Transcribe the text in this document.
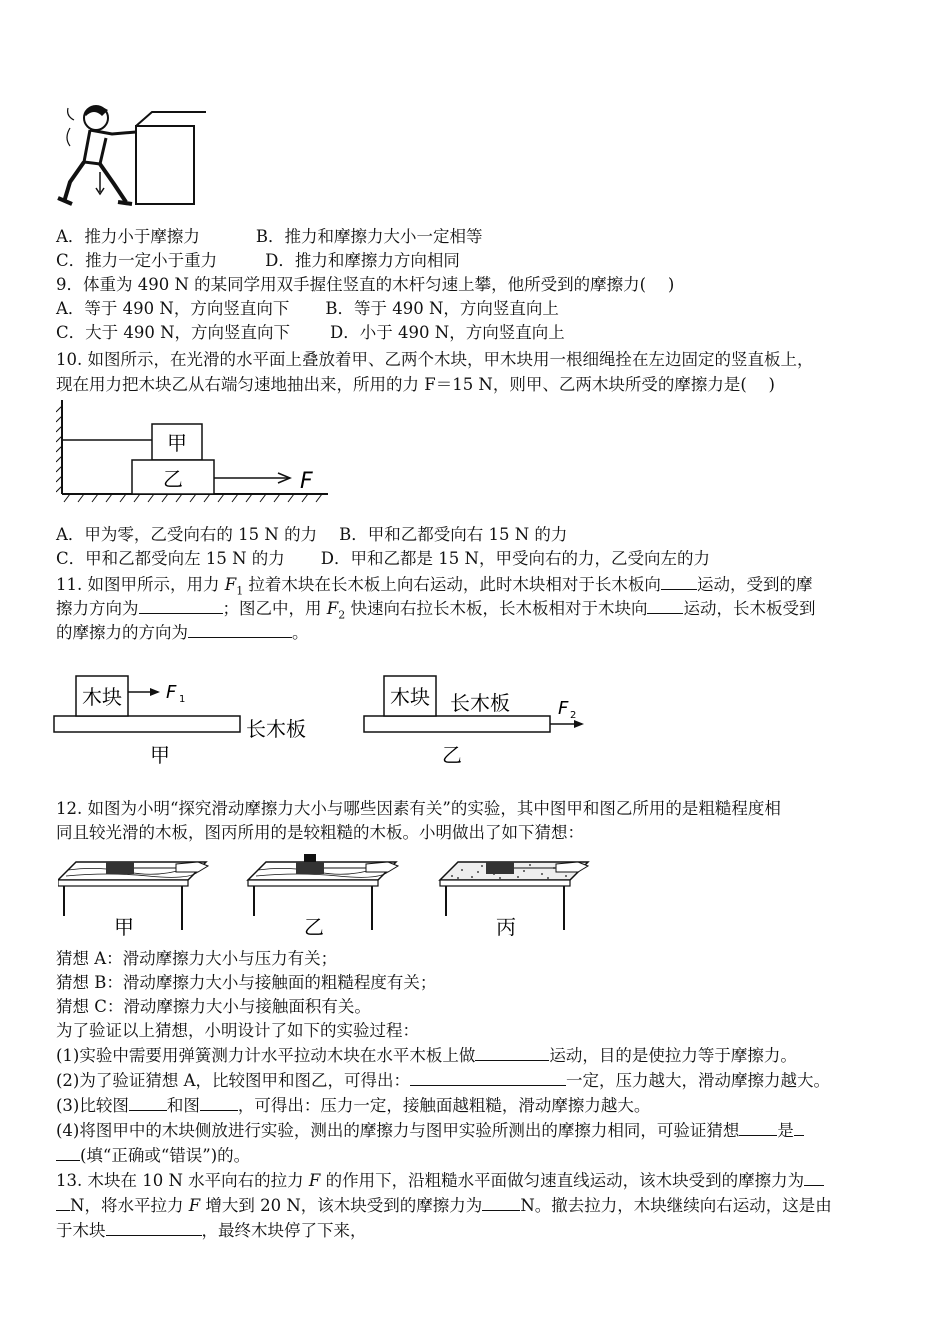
A．推力小于摩擦力	B．推力和摩擦力大小一定相等
C．推力一定小于重力	D．推力和摩擦力方向相同
9．体重为 490 N 的某同学用双手握住竖直的木杆匀速上攀，他所受到的摩擦力(　 )
A．等于 490 N，方向竖直向下 B．等于 490 N，方向竖直向上
C．大于 490 N，方向竖直向下 D．小于 490 N，方向竖直向上
10. 如图所示，在光滑的水平面上叠放着甲、乙两个木块，甲木块用一根细绳拴在左边固定的竖直板上，
现在用力把木块乙从右端匀速地抽出来，所用的力 F＝15 N，则甲、乙两木块所受的摩擦力是(　 )
甲
乙	F
A．甲为零，乙受向右的 15 N 的力 B．甲和乙都受向右 15 N 的力
C．甲和乙都受向左 15 N 的力 D．甲和乙都是 15 N，甲受向右的力，乙受向左的力
11. 如图甲所示，用力 $F_1$ 拉着木块在长木板上向右运动，此时木块相对于长木板向 运动，受到的摩
擦力方向为	；图乙中，用 $F_2$ 快速向右拉长木板，长木板相对于木块向 运动，长木板受到
的摩擦力的方向为	。
木块 F 1
长木板
甲
木块 长木板	F 2
乙
12. 如图为小明“探究滑动摩擦力大小与哪些因素有关”的实验，其中图甲和图乙所用的是粗糙程度相
同且较光滑的木板，图丙所用的是较粗糙的木板。小明做出了如下猜想：
甲	乙	丙
猜想 A：滑动摩擦力大小与压力有关；
猜想 B：滑动摩擦力大小与接触面的粗糙程度有关；
猜想 C：滑动摩擦力大小与接触面积有关。
为了验证以上猜想，小明设计了如下的实验过程：
(1)实验中需要用弹簧测力计水平拉动木块在水平木板上做	运动，目的是使拉力等于摩擦力。
(2)为了验证猜想 A，比较图甲和图乙，可得出：	一定，压力越大，滑动摩擦力越大。
(3)比较图 和图 ，可得出：压力一定，接触面越粗糙，滑动摩擦力越大。
(4)将图甲中的木块侧放进行实验，测出的摩擦力与图甲实验所测出的摩擦力相同，可验证猜想 是
(填“正确或“错误”)的。
13. 木块在 10 N 水平向右的拉力 F 的作用下，沿粗糙水平面做匀速直线运动，该木块受到的摩擦力为
N，将水平拉力 F 增大到 20 N，该木块受到的摩擦力为 N。撤去拉力，木块继续向右运动，这是由
于木块	，最终木块停了下来，
